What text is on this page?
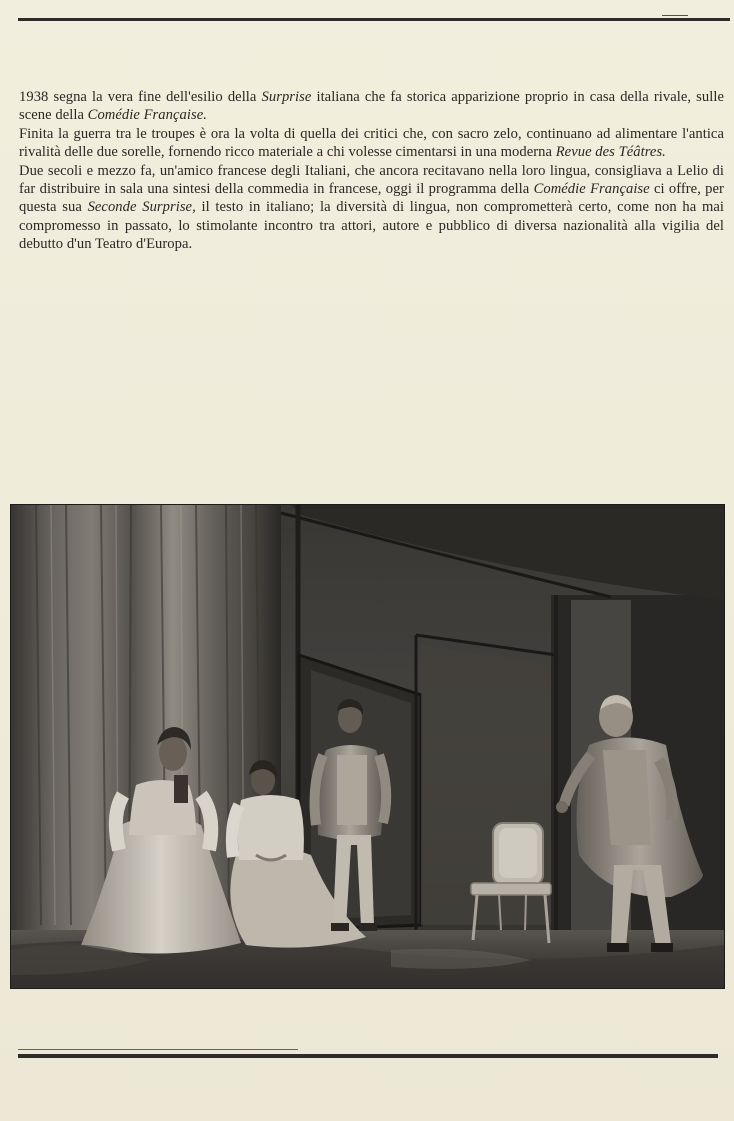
1938 segna la vera fine dell'esilio della Surprise italiana che fa storica apparizione proprio in casa della rivale, sulle scene della Comédie Française.

Finita la guerra tra le troupes è ora la volta di quella dei critici che, con sacro zelo, continuano ad alimentare l'antica rivalità delle due sorelle, fornendo ricco materiale a chi volesse cimentarsi in una moderna Revue des Téâtres.

Due secoli e mezzo fa, un'amico francese degli Italiani, che ancora recitavano nella loro lingua, consigliava a Lelio di far distribuire in sala una sintesi della commedia in francese, oggi il programma della Comédie Française ci offre, per questa sua Seconde Surprise, il testo in italiano; la diversità di lingua, non comprometterà certo, come non ha mai compromesso in passato, lo stimolante incontro tra attori, autore e pubblico di diversa nazionalità alla vigilia del debutto d'un Teatro d'Europa.
